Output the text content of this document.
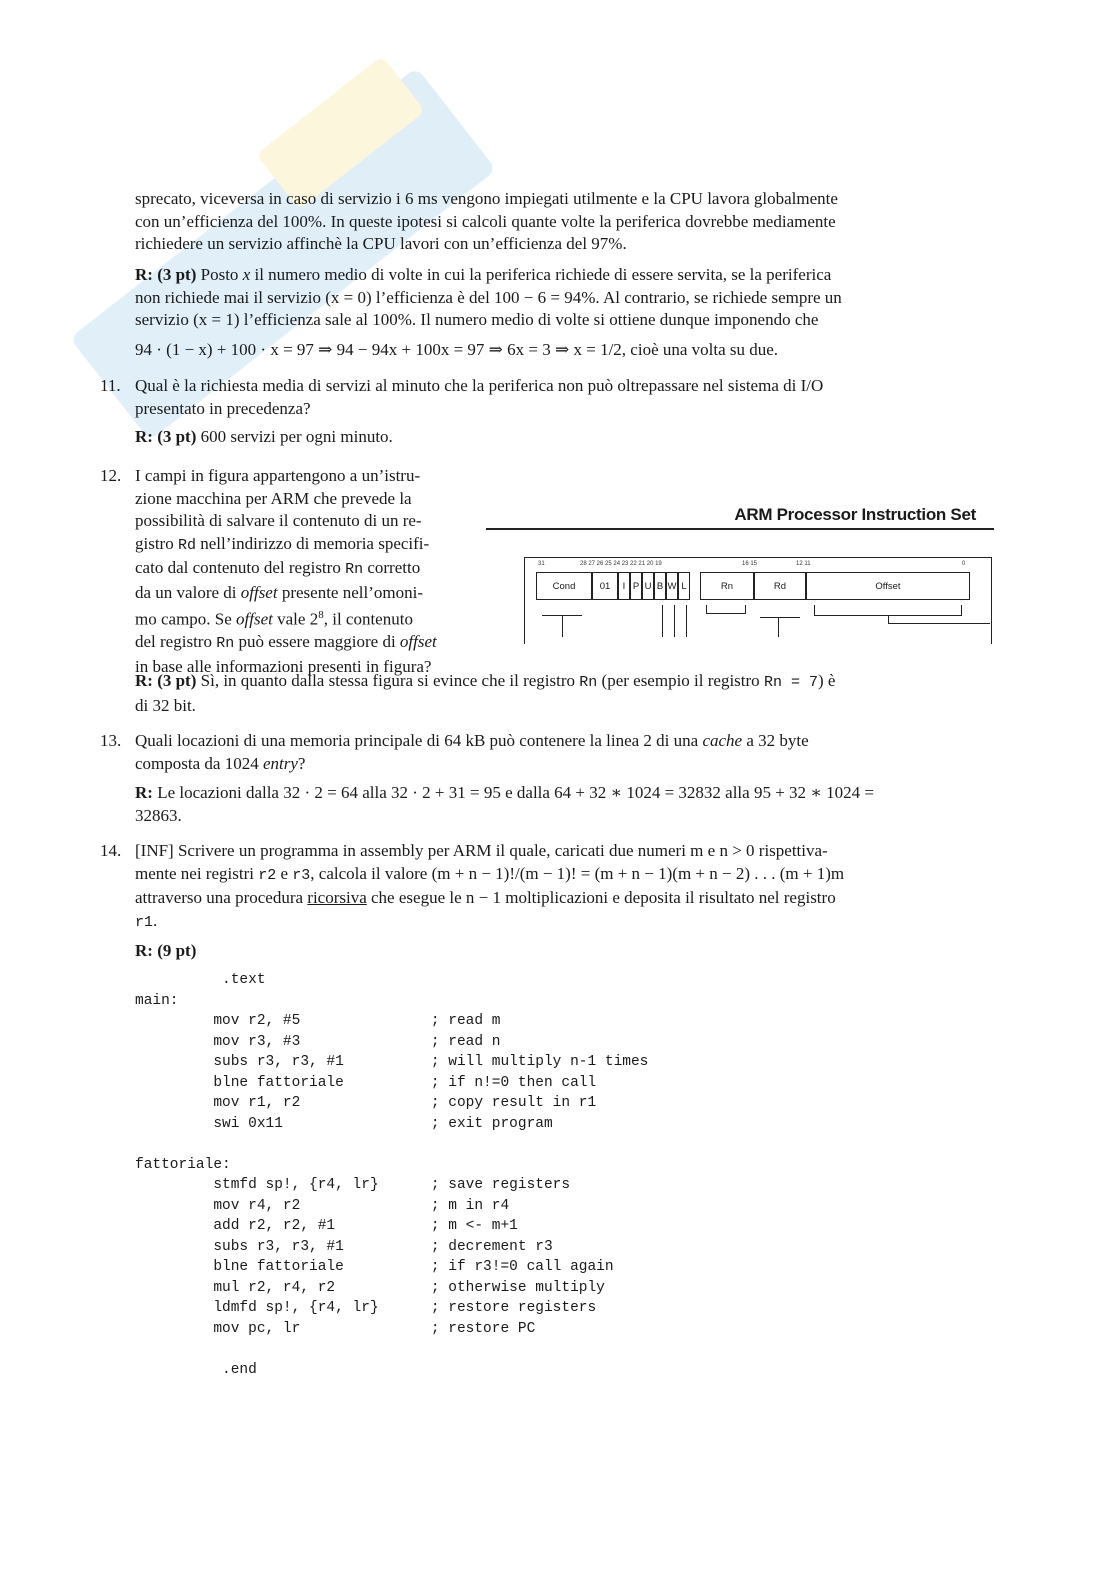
sprecato, viceversa in caso di servizio i 6 ms vengono impiegati utilmente e la CPU lavora globalmente
con un’efficienza del 100%. In queste ipotesi si calcoli quante volte la periferica dovrebbe mediamente
richiedere un servizio affinchè la CPU lavori con un’efficienza del 97%.
R: (3 pt) Posto x il numero medio di volte in cui la periferica richiede di essere servita, se la periferica
non richiede mai il servizio (x = 0) l’efficienza è del 100 − 6 = 94%. Al contrario, se richiede sempre un
servizio (x = 1) l’efficienza sale al 100%. Il numero medio di volte si ottiene dunque imponendo che
94 · (1 − x) + 100 · x = 97 ⇒ 94 − 94x + 100x = 97 ⇒ 6x = 3 ⇒ x = 1/2, cioè una volta su due.
11. Qual è la richiesta media di servizi al minuto che la periferica non può oltrepassare nel sistema di I/O
presentato in precedenza?
R: (3 pt) 600 servizi per ogni minuto.
12. I campi in figura appartengono a un’istru-
zione macchina per ARM che prevede la
possibilità di salvare il contenuto di un re-
gistro Rd nell’indirizzo di memoria specifi-
cato dal contenuto del registro Rn corretto
da un valore di offset presente nell’omoni-
mo campo. Se offset vale $2^8$, il contenuto
del registro Rn può essere maggiore di offset
in base alle informazioni presenti in figura?
R: (3 pt) Sì, in quanto dalla stessa figura si evince che il registro Rn (per esempio il registro Rn = 7) è
di 32 bit.
ARM Processor Instruction Set
31	28 27 26 25 24 23 22 21 20 19	16 15	12 11	0
Cond	01	I P U B W L	Rn	Rd	Offset
13. Quali locazioni di una memoria principale di 64 kB può contenere la linea 2 di una cache a 32 byte
composta da 1024 entry?
R: Le locazioni dalla 32 · 2 = 64 alla 32 · 2 + 31 = 95 e dalla 64 + 32 ∗ 1024 = 32832 alla 95 + 32 ∗ 1024 =
32863.
14. [INF] Scrivere un programma in assembly per ARM il quale, caricati due numeri m e n > 0 rispettiva-
mente nei registri r2 e r3, calcola il valore (m + n − 1)!/(m − 1)! = (m + n − 1)(m + n − 2) . . . (m + 1)m
attraverso una procedura ricorsiva che esegue le n − 1 moltiplicazioni e deposita il risultato nel registro
r1.
R: (9 pt)
.text
main:
mov r2, #5               ; read m
mov r3, #3               ; read n
subs r3, r3, #1          ; will multiply n-1 times
blne fattoriale          ; if n!=0 then call
mov r1, r2               ; copy result in r1
swi 0x11                 ; exit program
fattoriale:
stmfd sp!, {r4, lr}      ; save registers
mov r4, r2               ; m in r4
add r2, r2, #1           ; m <- m+1
subs r3, r3, #1          ; decrement r3
blne fattoriale          ; if r3!=0 call again
mul r2, r4, r2           ; otherwise multiply
ldmfd sp!, {r4, lr}      ; restore registers
mov pc, lr               ; restore PC
.end
